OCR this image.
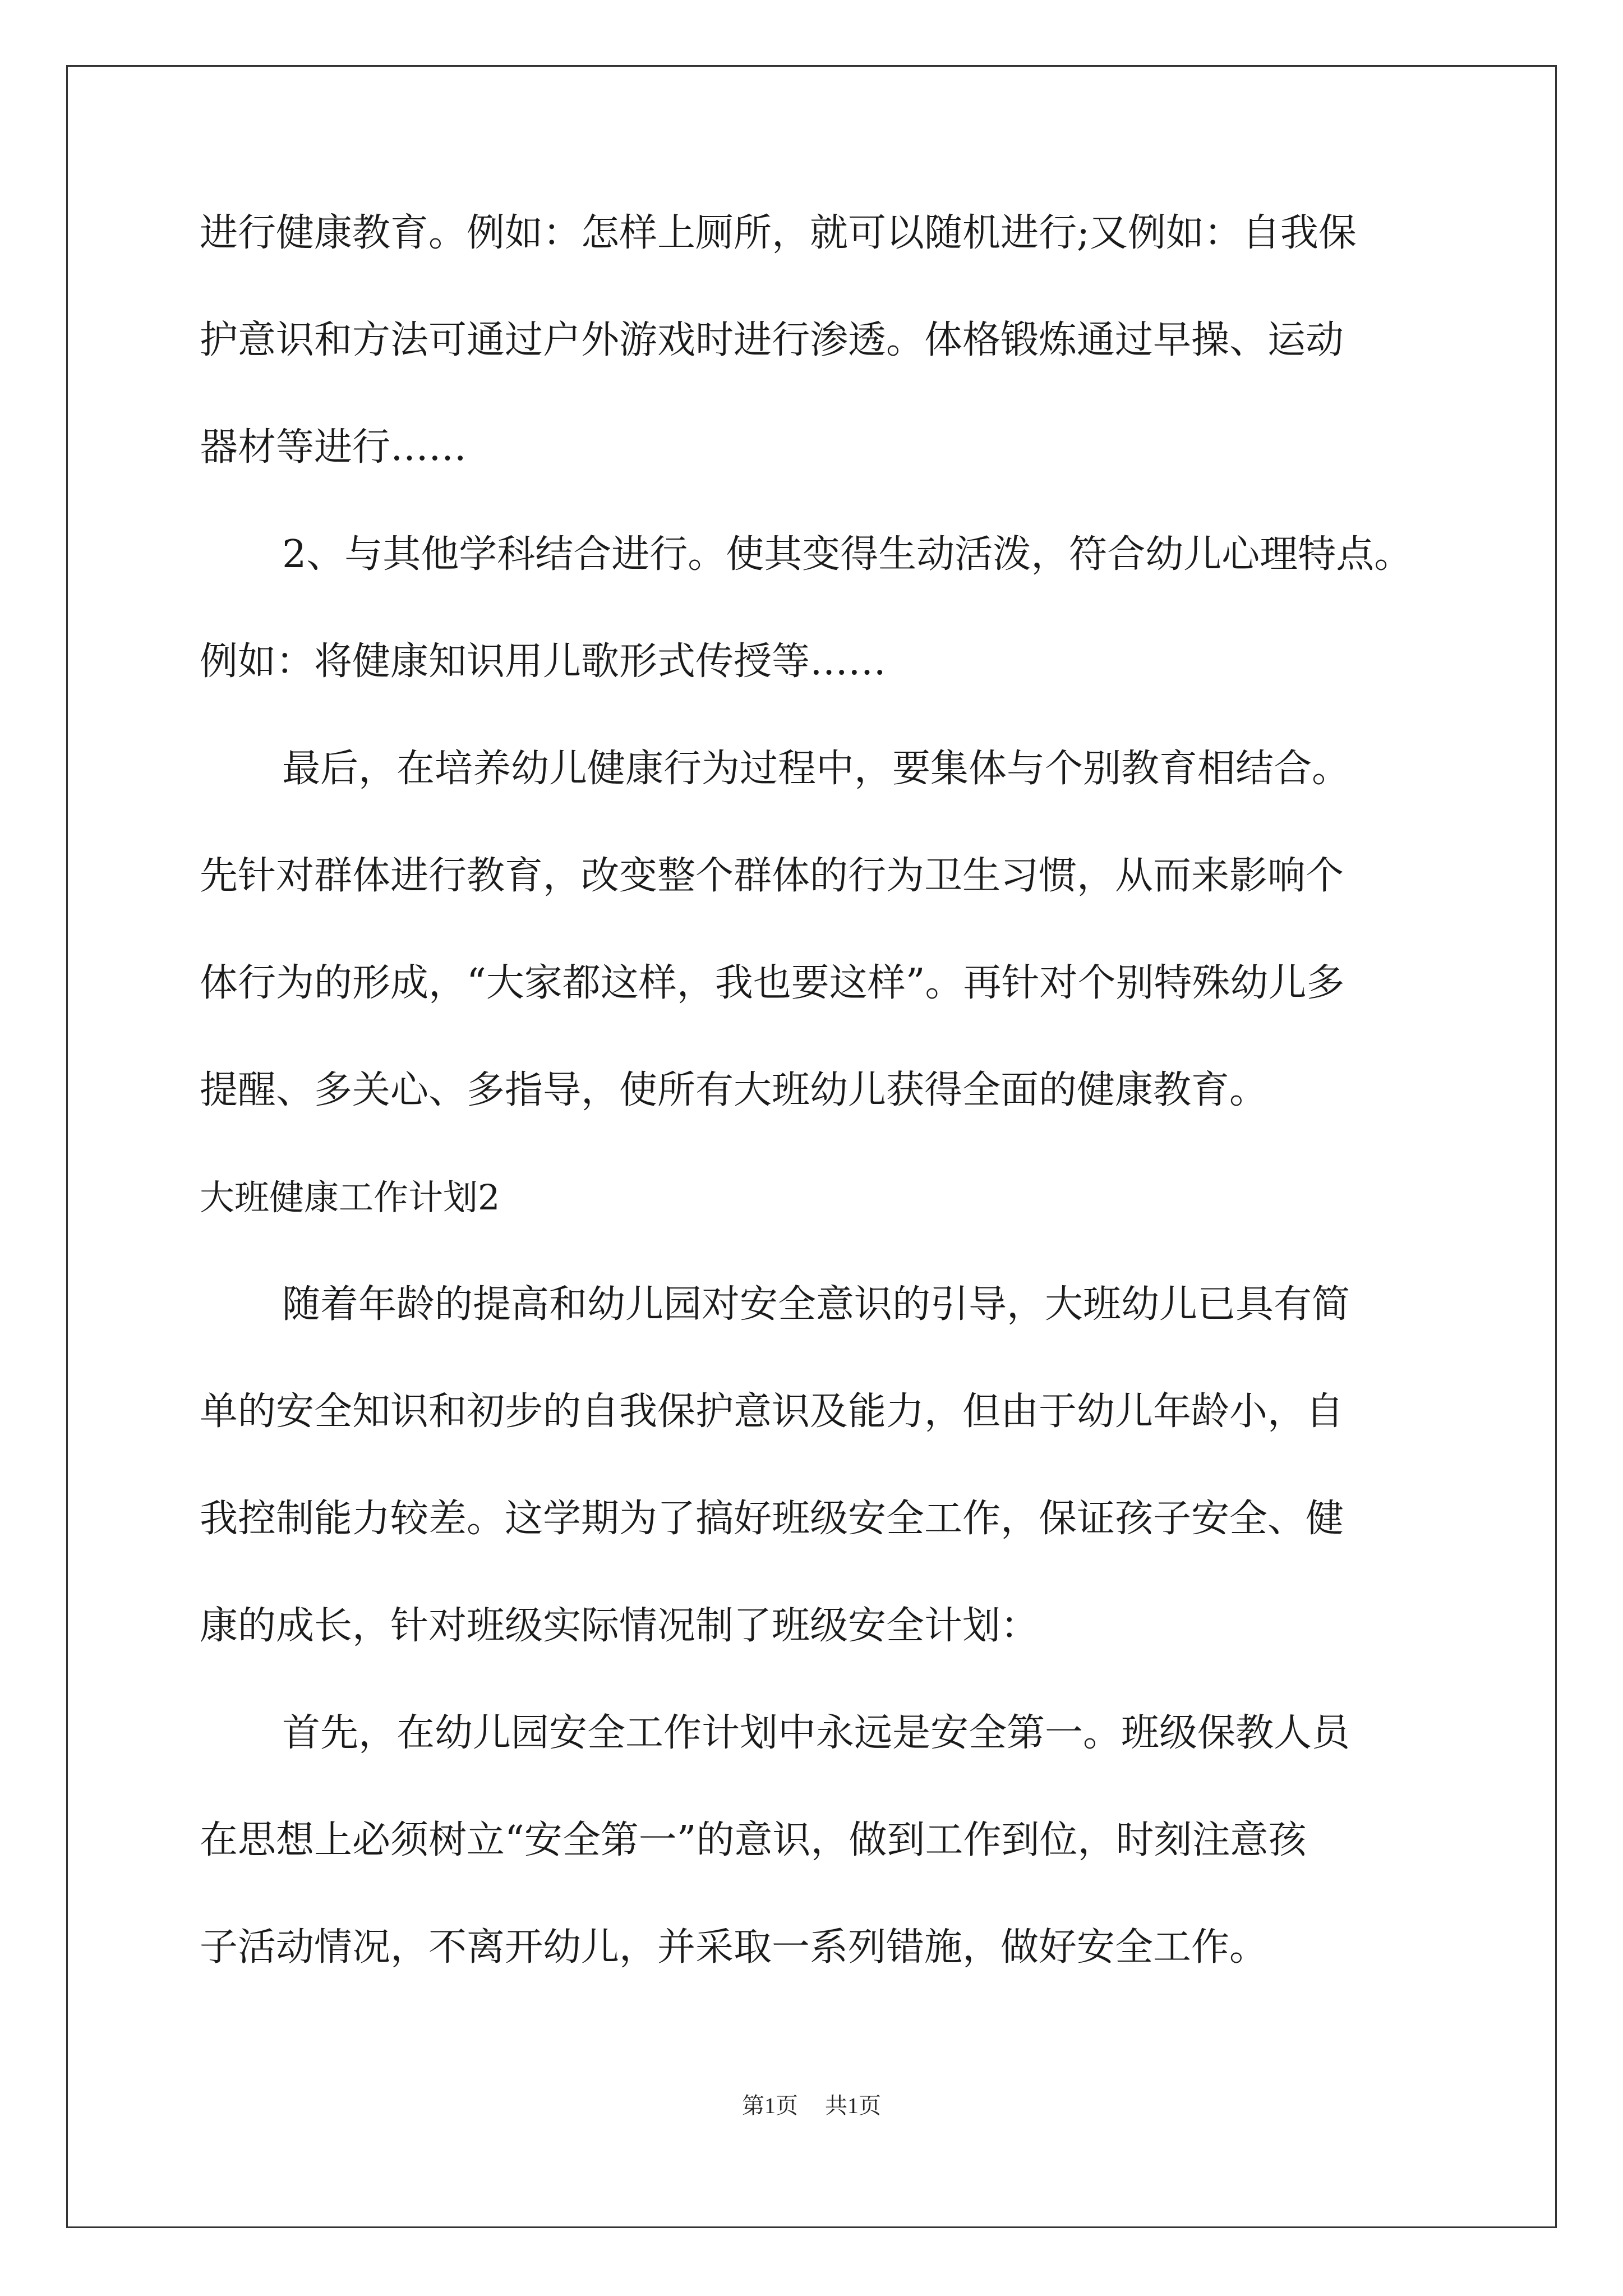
进行健康教育。例如：怎样上厕所，就可以随机进行;又例如：自我保
护意识和方法可通过户外游戏时进行渗透。体格锻炼通过早操、运动
器材等进行……
2、与其他学科结合进行。使其变得生动活泼，符合幼儿心理特点。
例如：将健康知识用儿歌形式传授等……
最后，在培养幼儿健康行为过程中，要集体与个别教育相结合。
先针对群体进行教育，改变整个群体的行为卫生习惯，从而来影响个
体行为的形成，“大家都这样，我也要这样”。再针对个别特殊幼儿多
提醒、多关心、多指导，使所有大班幼儿获得全面的健康教育。
大班健康工作计划2
随着年龄的提高和幼儿园对安全意识的引导，大班幼儿已具有简
单的安全知识和初步的自我保护意识及能力，但由于幼儿年龄小，自
我控制能力较差。这学期为了搞好班级安全工作，保证孩子安全、健
康的成长，针对班级实际情况制了班级安全计划：
首先，在幼儿园安全工作计划中永远是安全第一。班级保教人员
在思想上必须树立“安全第一”的意识，做到工作到位，时刻注意孩
子活动情况，不离开幼儿，并采取一系列错施，做好安全工作。
第1页 共1页
